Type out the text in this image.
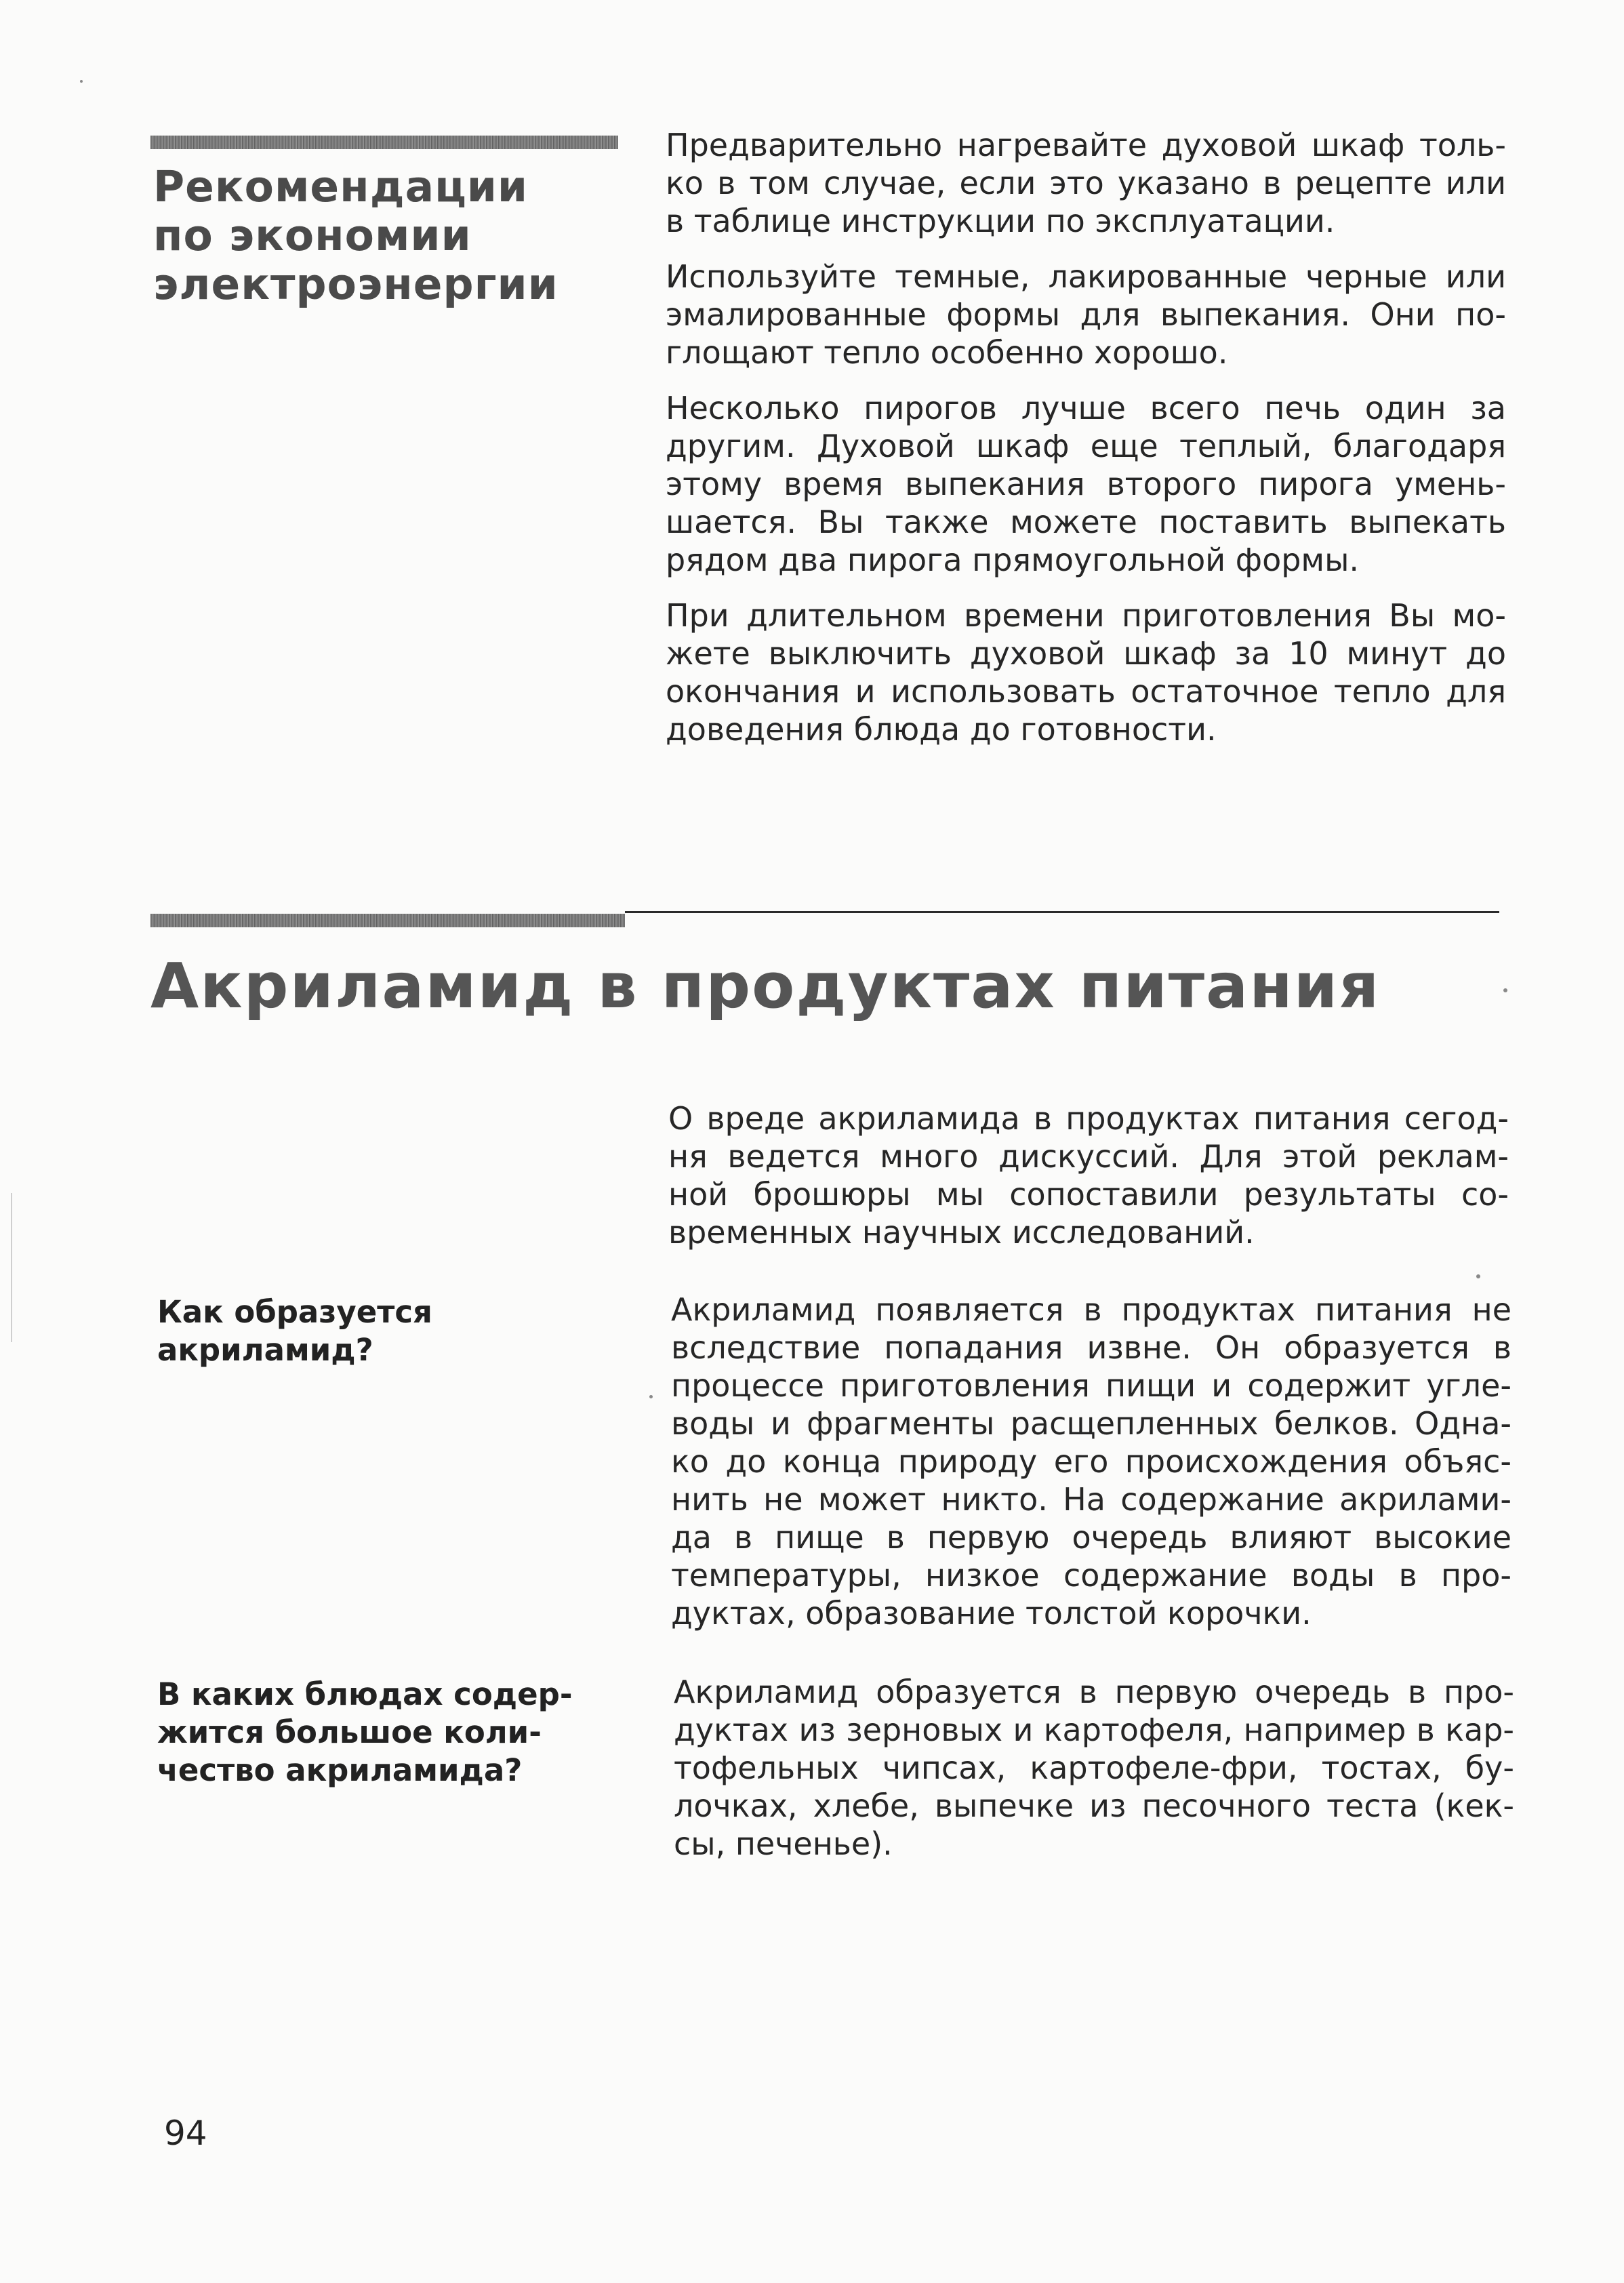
Рекомендации
по экономии
электроэнергии
Предварительно нагревайте духовой шкаф толь-
ко в том случае, если это указано в рецепте или
в таблице инструкции по эксплуатации.
Используйте темные, лакированные черные или
эмалированные формы для выпекания. Они по-
глощают тепло особенно хорошо.
Несколько пирогов лучше всего печь один за
другим. Духовой шкаф еще теплый, благодаря
этому время выпекания второго пирога умень-
шается. Вы также можете поставить выпекать
рядом два пирога прямоугольной формы.
При длительном времени приготовления Вы мо-
жете выключить духовой шкаф за 10 минут до
окончания и использовать остаточное тепло для
доведения блюда до готовности.
Акриламид в продуктах питания
О вреде акриламида в продуктах питания сегод-
ня ведется много дискуссий. Для этой реклам-
ной брошюры мы сопоставили результаты со-
временных научных исследований.
Как образуется
акриламид?
Акриламид появляется в продуктах питания не
вследствие попадания извне. Он образуется в
процессе приготовления пищи и содержит угле-
воды и фрагменты расщепленных белков. Одна-
ко до конца природу его происхождения объяс-
нить не может никто. На содержание акрилами-
да в пище в первую очередь влияют высокие
температуры, низкое содержание воды в про-
дуктах, образование толстой корочки.
В каких блюдах содер-
жится большое коли-
чество акриламида?
Акриламид образуется в первую очередь в про-
дуктах из зерновых и картофеля, например в кар-
тофельных чипсах, картофеле-фри, тостах, бу-
лочках, хлебе, выпечке из песочного теста (кек-
сы, печенье).
94
